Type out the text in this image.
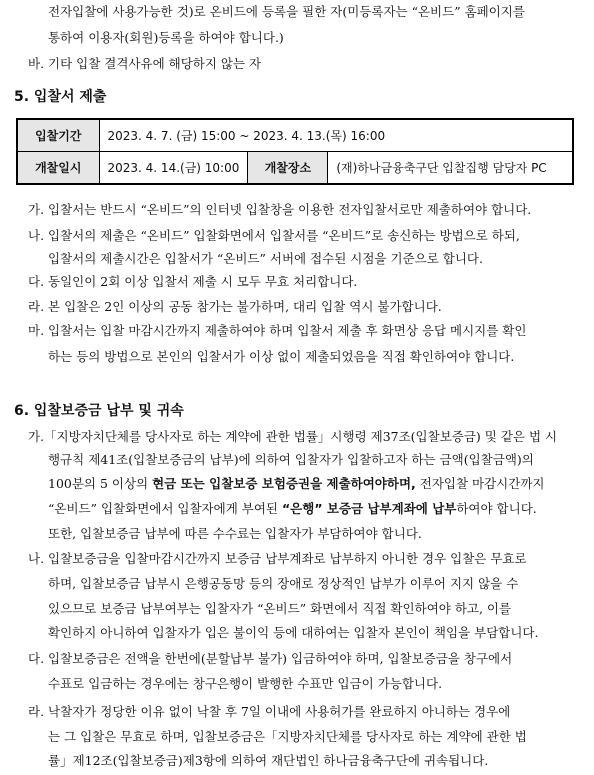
전자입찰에 사용가능한 것)로 온비드에 등록을 필한 자(미등록자는 “온비드” 홈페이지를
통하여 이용자(회원)등록을 하여야 합니다.)
바. 기타 입찰 결격사유에 해당하지 않는 자
5. 입찰서 제출
입찰기간	2023. 4. 7. (금) 15:00 ~ 2023. 4. 13.(목) 16:00		
개찰일시	2023. 4. 14.(금) 10:00	개찰장소	(재)하나금융축구단 입찰집행 담당자 PC
가. 입찰서는 반드시 “온비드”의 인터넷 입찰창을 이용한 전자입찰서로만 제출하여야 합니다.
나. 입찰서의 제출은 “온비드” 입찰화면에서 입찰서를 “온비드”로 송신하는 방법으로 하되,
입찰서의 제출시간은 입찰서가 “온비드” 서버에 접수된 시점을 기준으로 합니다.
다. 동일인이 2회 이상 입찰서 제출 시 모두 무효 처리합니다.
라. 본 입찰은 2인 이상의 공동 참가는 불가하며, 대리 입찰 역시 불가합니다.
마. 입찰서는 입찰 마감시간까지 제출하여야 하며 입찰서 제출 후 화면상 응답 메시지를 확인
하는 등의 방법으로 본인의 입찰서가 이상 없이 제출되었음을 직접 확인하여야 합니다.
6. 입찰보증금 납부 및 귀속
가.「지방자치단체를 당사자로 하는 계약에 관한 법률」시행령 제37조(입찰보증금) 및 같은 법 시
행규칙 제41조(입찰보증금의 납부)에 의하여 입찰자가 입찰하고자 하는 금액(입찰금액)의
100분의 5 이상의 현금 또는 입찰보증 보험증권을 제출하여야하며, 전자입찰 마감시간까지
“온비드” 입찰화면에서 입찰자에게 부여된 “은행” 보증금 납부계좌에 납부하여야 합니다.
또한, 입찰보증금 납부에 따른 수수료는 입찰자가 부담하여야 합니다.
나. 입찰보증금을 입찰마감시간까지 보증금 납부계좌로 납부하지 아니한 경우 입찰은 무효로
하며, 입찰보증금 납부시 은행공동망 등의 장애로 정상적인 납부가 이루어 지지 않을 수
있으므로 보증금 납부여부는 입찰자가 “온비드” 화면에서 직접 확인하여야 하고, 이를
확인하지 아니하여 입찰자가 입은 불이익 등에 대하여는 입찰자 본인이 책임을 부담합니다.
다. 입찰보증금은 전액을 한번에(분할납부 불가) 입금하여야 하며, 입찰보증금을 창구에서
수표로 입금하는 경우에는 창구은행이 발행한 수표만 입금이 가능합니다.
라. 낙찰자가 정당한 이유 없이 낙찰 후 7일 이내에 사용허가를 완료하지 아니하는 경우에
는 그 입찰은 무효로 하며, 입찰보증금은「지방자치단체를 당사자로 하는 계약에 관한 법
률」제12조(입찰보증금)제3항에 의하여 재단법인 하나금융축구단에 귀속됩니다.
